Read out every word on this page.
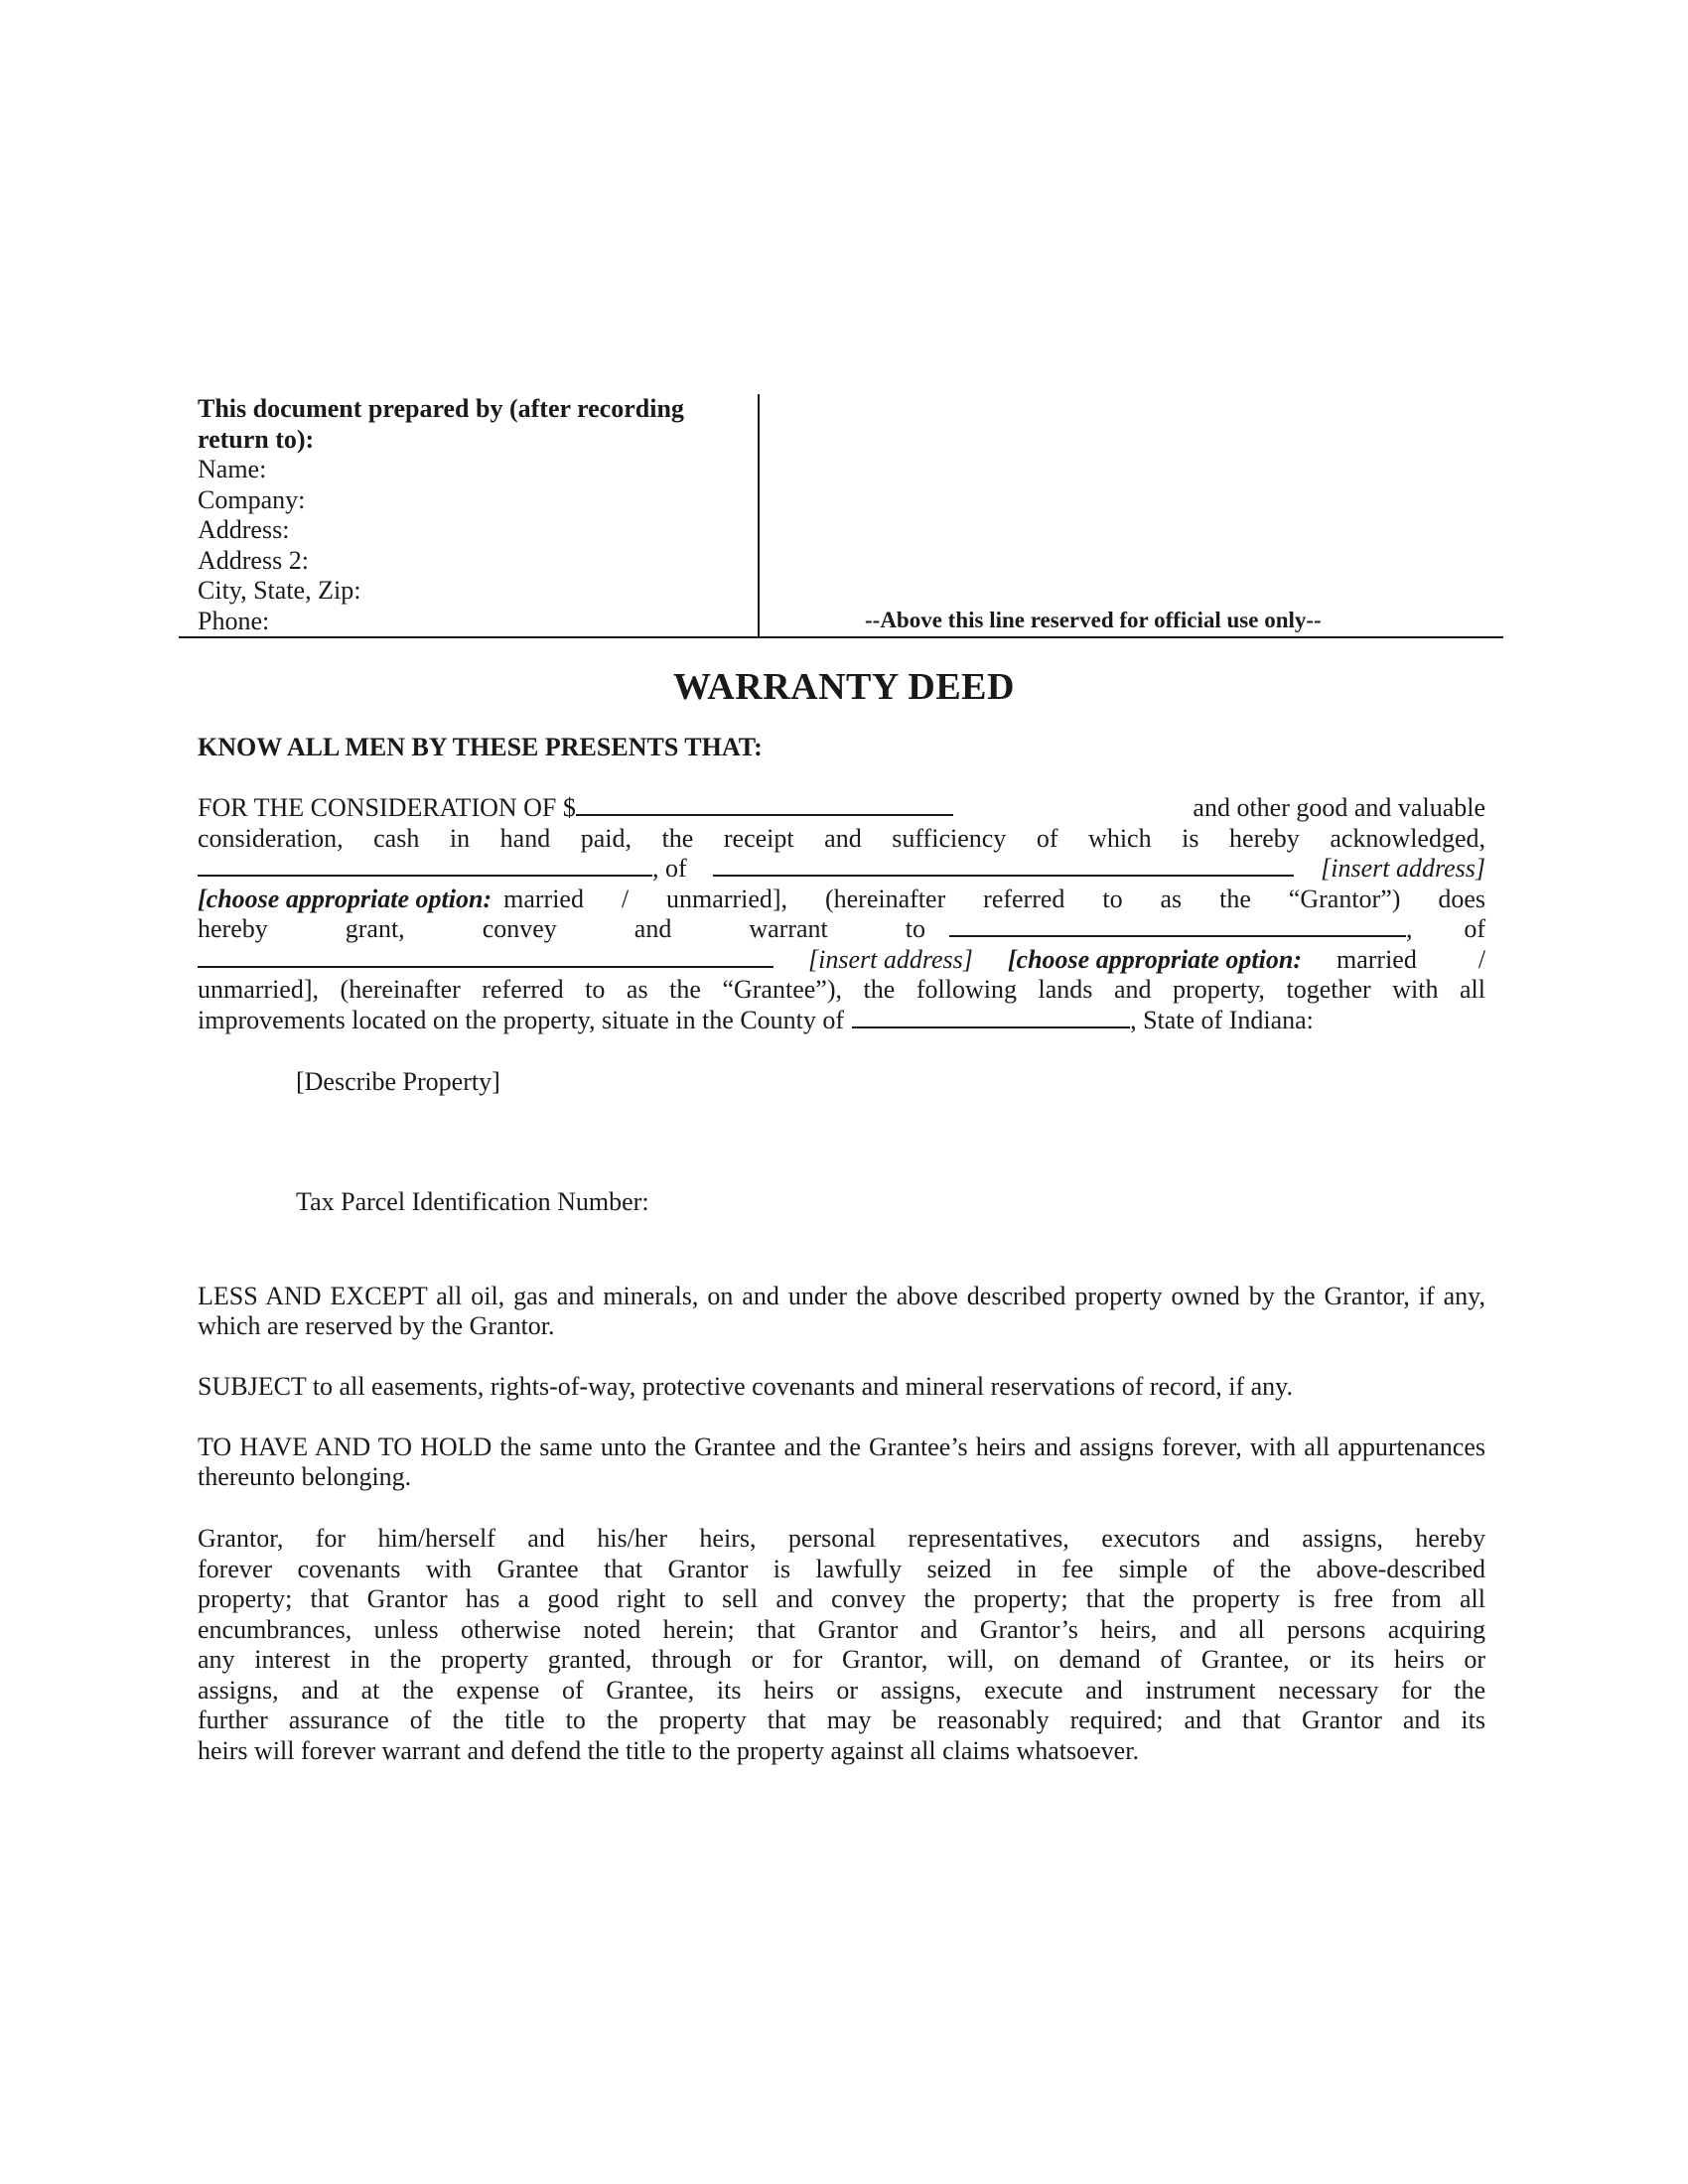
This document prepared by (after recording return to):
Name:
Company:
Address:
Address 2:
City, State, Zip:
Phone:	--Above this line reserved for official use only--
WARRANTY DEED
KNOW ALL MEN BY THESE PRESENTS THAT:
FOR THE CONSIDERATION OF $	and other good and valuable
consideration, cash in hand paid, the receipt and sufficiency of which is hereby acknowledged,
, of	[insert address]
[choose appropriate option: married / unmarried], (hereinafter referred to as the “Grantor”) does
hereby grant, convey and warrant to	, of
[insert address] [choose appropriate option: married /
unmarried], (hereinafter referred to as the “Grantee”), the following lands and property, together with all
improvements located on the property, situate in the County of	, State of Indiana:
[Describe Property]
Tax Parcel Identification Number:
LESS AND EXCEPT all oil, gas and minerals, on and under the above described property owned by the Grantor, if any, which are reserved by the Grantor.
SUBJECT to all easements, rights-of-way, protective covenants and mineral reservations of record, if any.
TO HAVE AND TO HOLD the same unto the Grantee and the Grantee’s heirs and assigns forever, with all appurtenances thereunto belonging.
Grantor, for him/herself and his/her heirs, personal representatives, executors and assigns, hereby
forever covenants with Grantee that Grantor is lawfully seized in fee simple of the above-described
property; that Grantor has a good right to sell and convey the property; that the property is free from all
encumbrances, unless otherwise noted herein; that Grantor and Grantor’s heirs, and all persons acquiring
any interest in the property granted, through or for Grantor, will, on demand of Grantee, or its heirs or
assigns, and at the expense of Grantee, its heirs or assigns, execute and instrument necessary for the
further assurance of the title to the property that may be reasonably required; and that Grantor and its
heirs will forever warrant and defend the title to the property against all claims whatsoever.
